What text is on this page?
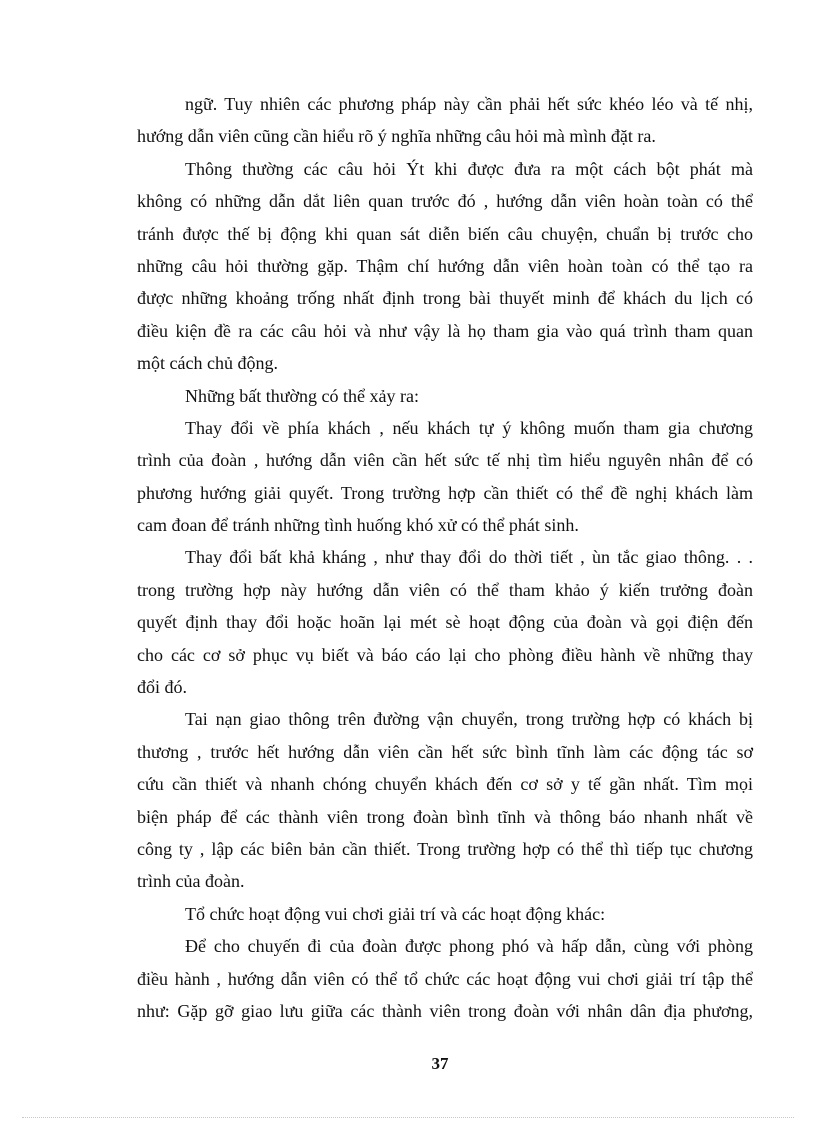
ngữ. Tuy nhiên các phương pháp này cần phải hết sức khéo léo và tế nhị,
hướng dẫn viên cũng cần hiểu rõ ý nghĩa những câu hỏi mà mình đặt ra.
Thông thường các câu hỏi Ýt khi được đưa ra một cách bột phát mà
không có những dẫn dắt liên quan trước đó , hướng dẫn viên hoàn toàn có thể
tránh được thế bị động khi quan sát diễn biến câu chuyện, chuẩn bị trước cho
những câu hỏi thường gặp. Thậm chí hướng dẫn viên hoàn toàn có thể tạo ra
được những khoảng trống nhất định trong bài thuyết minh để khách du lịch có
điều kiện đề ra các câu hỏi và như vậy là họ tham gia vào quá trình tham quan
một cách chủ động.
Những bất thường có thể xảy ra:
Thay đổi về phía khách , nếu khách tự ý không muốn tham gia chương
trình của đoàn , hướng dẫn viên cần hết sức tế nhị tìm hiểu nguyên nhân để có
phương hướng giải quyết. Trong trường hợp cần thiết có thể đề nghị khách làm
cam đoan để tránh những tình huống khó xử có thể phát sinh.
Thay đổi bất khả kháng , như thay đổi do thời tiết , ùn tắc giao thông. . .
trong trường hợp này hướng dẫn viên có thể tham khảo ý kiến trưởng đoàn
quyết định thay đổi hoặc hoãn lại mét sè hoạt động của đoàn và gọi điện đến
cho các cơ sở phục vụ biết và báo cáo lại cho phòng điều hành về những thay
đổi đó.
Tai nạn giao thông trên đường vận chuyển, trong trường hợp có khách bị
thương , trước hết hướng dẫn viên cần hết sức bình tĩnh làm các động tác sơ
cứu cần thiết và nhanh chóng chuyển khách đến cơ sở y tế gần nhất. Tìm mọi
biện pháp để các thành viên trong đoàn bình tĩnh và thông báo nhanh nhất về
công ty , lập các biên bản cần thiết. Trong trường hợp có thể thì tiếp tục chương
trình của đoàn.
Tổ chức hoạt động vui chơi giải trí và các hoạt động khác:
Để cho chuyến đi của đoàn được phong phó và hấp dẫn, cùng với phòng
điều hành , hướng dẫn viên có thể tổ chức các hoạt động vui chơi giải trí tập thể
như: Gặp gỡ giao lưu giữa các thành viên trong đoàn với nhân dân địa phương,
37
